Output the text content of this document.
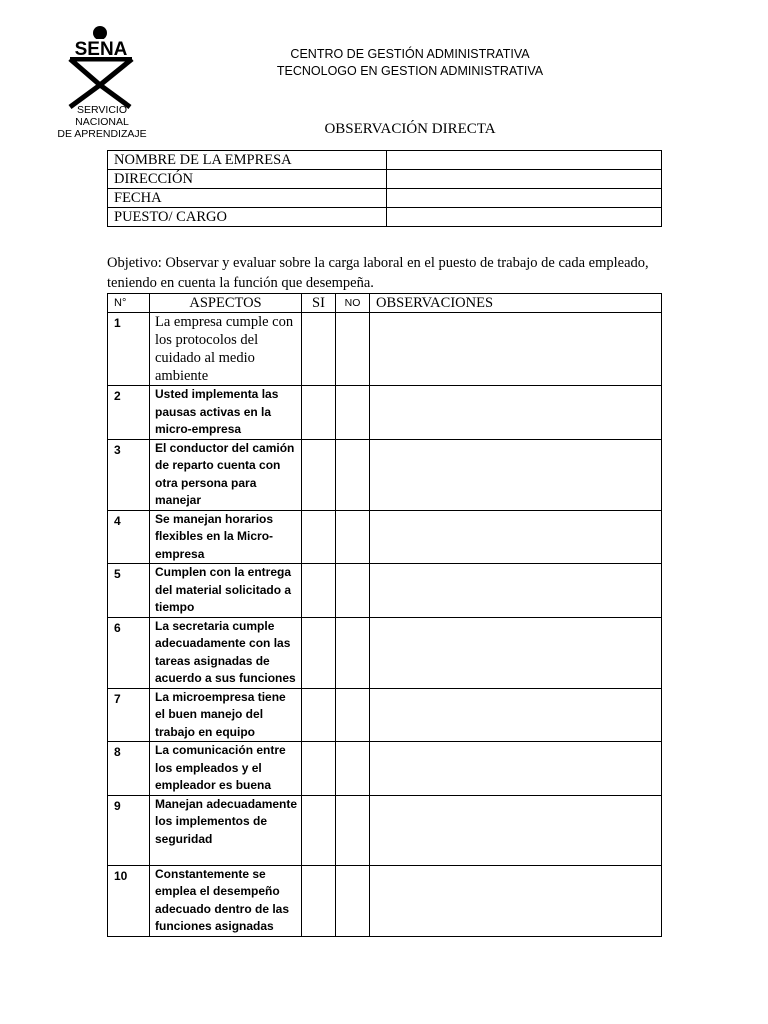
SENA
SERVICIO NACIONAL
DE APRENDIZAJE
CENTRO DE GESTIÓN ADMINISTRATIVA
TECNOLOGO EN GESTION ADMINISTRATIVA
OBSERVACIÓN DIRECTA
NOMBRE DE LA EMPRESA	
DIRECCIÓN	
FECHA	
PUESTO/ CARGO	
Objetivo: Observar y evaluar sobre la carga laboral en el puesto de trabajo de cada empleado, teniendo en cuenta la función que desempeña.
N°	ASPECTOS	SI	NO	OBSERVACIONES
1	La empresa cumple con los protocolos del cuidado al medio ambiente			
2	Usted implementa las pausas activas en la micro-empresa			
3	El conductor del camión de reparto cuenta con otra persona para manejar			
4	Se manejan horarios flexibles en la Micro-empresa			
5	Cumplen con la entrega del material solicitado a tiempo			
6	La secretaria cumple adecuadamente con las tareas asignadas de acuerdo a sus funciones			
7	La microempresa tiene el buen manejo del trabajo en equipo			
8	La comunicación entre los empleados y el empleador es buena			
9	Manejan adecuadamente los implementos de seguridad			
10	Constantemente se emplea el desempeño adecuado dentro de las funciones asignadas			
